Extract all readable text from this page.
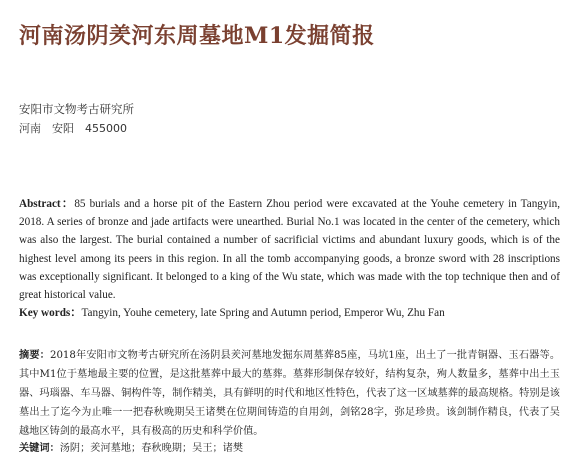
河南汤阴羑河东周墓地M1发掘简报
安阳市文物考古研究所
河南 安阳 455000
Abstract：85 burials and a horse pit of the Eastern Zhou period were excavated at the Youhe cemetery in Tangyin, 2018. A series of bronze and jade artifacts were unearthed. Burial No.1 was located in the center of the cemetery, which was also the largest. The burial contained a number of sacrificial victims and abundant luxury goods, which is of the highest level among its peers in this region. In all the tomb accompanying goods, a bronze sword with 28 inscriptions was exceptionally significant. It belonged to a king of the Wu state, which was made with the top technique then and of great historical value.
Key words：Tangyin, Youhe cemetery, late Spring and Autumn period, Emperor Wu, Zhu Fan
摘要：2018年安阳市文物考古研究所在汤阴县羑河墓地发掘东周墓葬85座，马坑1座，出土了一批青铜器、玉石器等。其中M1位于墓地最主要的位置，是这批墓葬中最大的墓葬。墓葬形制保存较好，结构复杂，殉人数量多，墓葬中出土玉器、玛瑙器、车马器、铜构件等，制作精美，具有鲜明的时代和地区性特色，代表了这一区域墓葬的最高规格。特别是该墓出土了迄今为止唯一一把春秋晚期吴王诸樊在位期间铸造的自用剑，剑铭28字，弥足珍贵。该剑制作精良，代表了吴越地区铸剑的最高水平，具有极高的历史和科学价值。
关键词：汤阴；羑河墓地；春秋晚期；吴王；诸樊
